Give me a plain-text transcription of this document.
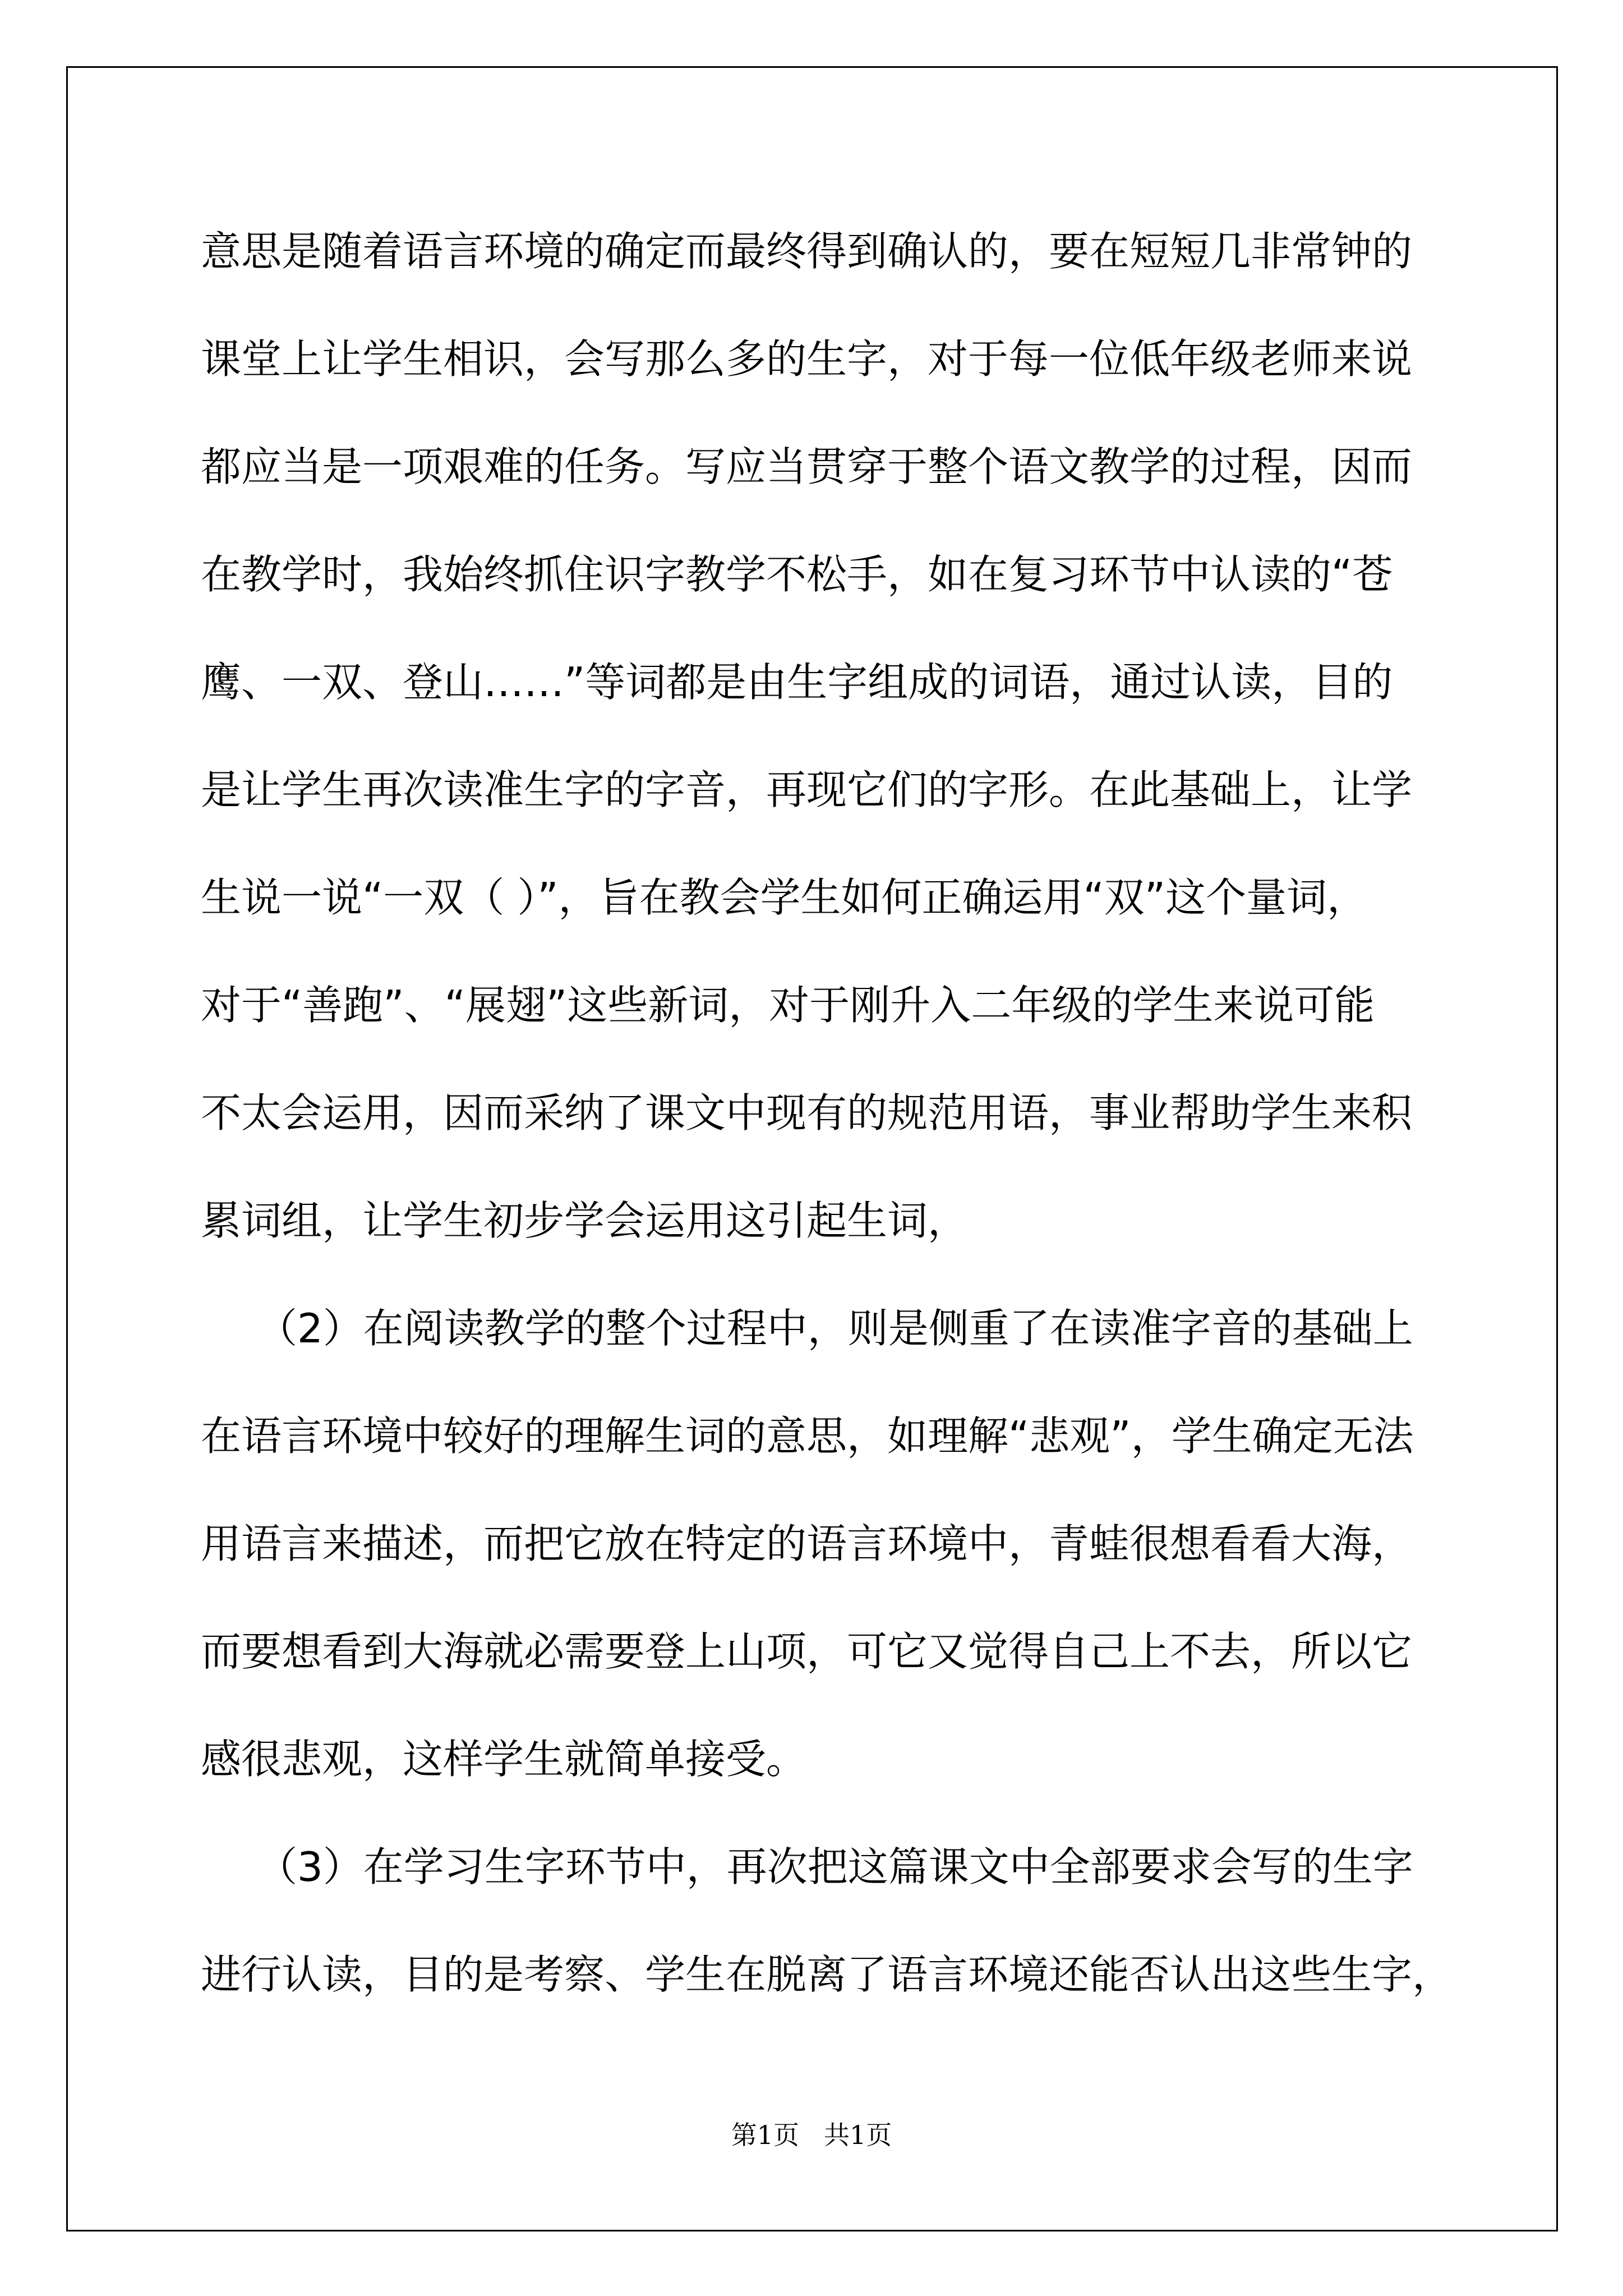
意思是随着语言环境的确定而最终得到确认的，要在短短几非常钟的

课堂上让学生相识，会写那么多的生字，对于每一位低年级老师来说

都应当是一项艰难的任务。写应当贯穿于整个语文教学的过程，因而

在教学时，我始终抓住识字教学不松手，如在复习环节中认读的“苍

鹰、一双、登山……”等词都是由生字组成的词语，通过认读，目的

是让学生再次读准生字的字音，再现它们的字形。在此基础上，让学

生说一说“一双（ ）”，旨在教会学生如何正确运用“双”这个量词，

对于“善跑”、“展翅”这些新词，对于刚升入二年级的学生来说可能

不太会运用，因而采纳了课文中现有的规范用语，事业帮助学生来积

累词组，让学生初步学会运用这引起生词，

（2）在阅读教学的整个过程中，则是侧重了在读准字音的基础上

在语言环境中较好的理解生词的意思，如理解“悲观”，学生确定无法

用语言来描述，而把它放在特定的语言环境中，青蛙很想看看大海，

而要想看到大海就必需要登上山项，可它又觉得自己上不去，所以它

感很悲观，这样学生就简单接受。

（3）在学习生字环节中，再次把这篇课文中全部要求会写的生字

进行认读，目的是考察、学生在脱离了语言环境还能否认出这些生字，

第1页 共1页
